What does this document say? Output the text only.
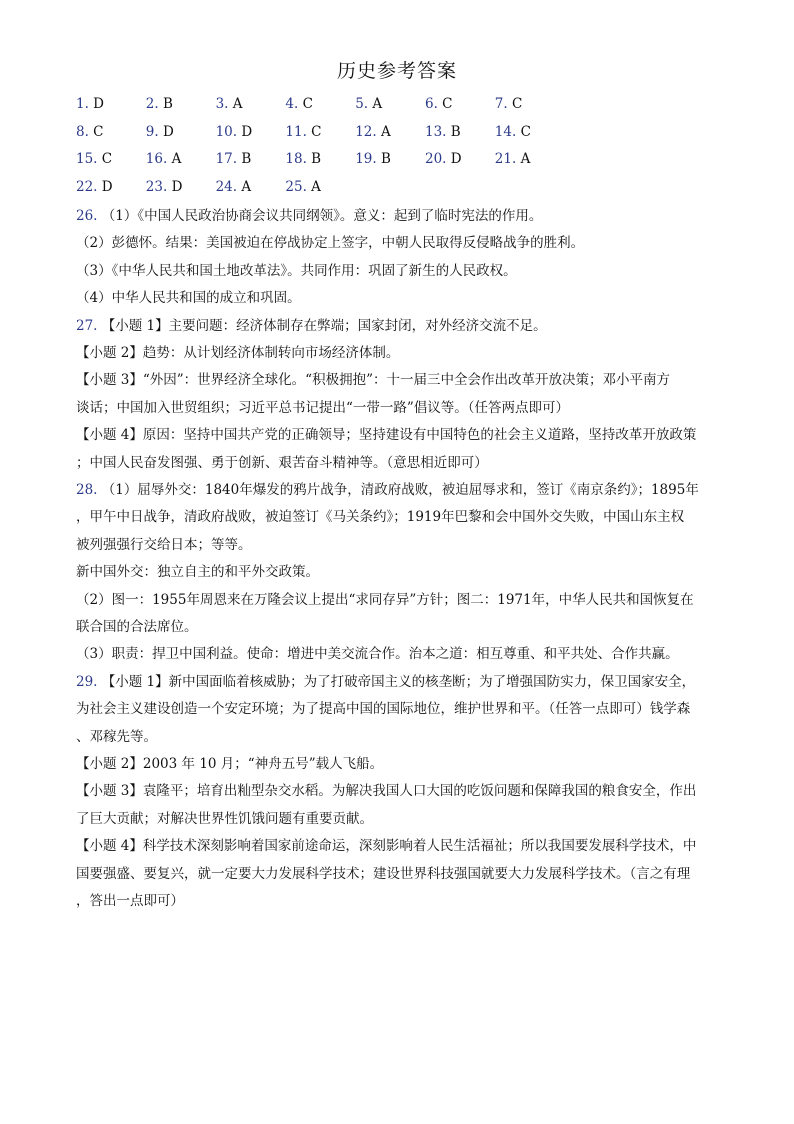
历史参考答案
1. D	2. B	3. A	4. C	5. A	6. C	7. C
8. C	9. D	10. D 11. C 12. A	13. B	14. C
15. C 16. A	17. B	18. B	19. B	20. D 21. A
22. D 23. D 24. A	25. A
26. （1）《中国人民政治协商会议共同纲领》。意义：起到了临时宪法的作用。
（2）彭德怀。结果：美国被迫在停战协定上签字，中朝人民取得反侵略战争的胜利。
（3）《中华人民共和国土地改革法》。共同作用：巩固了新生的人民政权。
（4）中华人民共和国的成立和巩固。
27. 【小题 1】主要问题：经济体制存在弊端；国家封闭，对外经济交流不足。
【小题 2】趋势：从计划经济体制转向市场经济体制。
【小题 3】“外因”：世界经济全球化。“积极拥抱”：十一届三中全会作出改革开放决策；邓小平南方
谈话；中国加入世贸组织；习近平总书记提出“一带一路”倡议等。（任答两点即可）
【小题 4】原因：坚持中国共产党的正确领导；坚持建设有中国特色的社会主义道路，坚持改革开放政策
；中国人民奋发图强、勇于创新、艰苦奋斗精神等。（意思相近即可）
28. （1）屈辱外交：1840年爆发的鸦片战争，清政府战败，被迫屈辱求和，签订《南京条约》；1895年
，甲午中日战争，清政府战败，被迫签订《马关条约》；1919年巴黎和会中国外交失败，中国山东主权
被列强强行交给日本；等等。
新中国外交：独立自主的和平外交政策。
（2）图一：1955年周恩来在万隆会议上提出“求同存异”方针；图二：1971年，中华人民共和国恢复在
联合国的合法席位。
（3）职责：捍卫中国利益。使命：增进中美交流合作。治本之道：相互尊重、和平共处、合作共赢。
29. 【小题 1】新中国面临着核威胁；为了打破帝国主义的核垄断；为了增强国防实力，保卫国家安全，
为社会主义建设创造一个安定环境；为了提高中国的国际地位，维护世界和平。（任答一点即可）钱学森
、邓稼先等。
【小题 2】2003 年 10 月；“神舟五号”载人飞船。
【小题 3】袁隆平；培育出籼型杂交水稻。为解决我国人口大国的吃饭问题和保障我国的粮食安全，作出
了巨大贡献；对解决世界性饥饿问题有重要贡献。
【小题 4】科学技术深刻影响着国家前途命运，深刻影响着人民生活福祉；所以我国要发展科学技术，中
国要强盛、要复兴，就一定要大力发展科学技术；建设世界科技强国就要大力发展科学技术。（言之有理
，答出一点即可）
